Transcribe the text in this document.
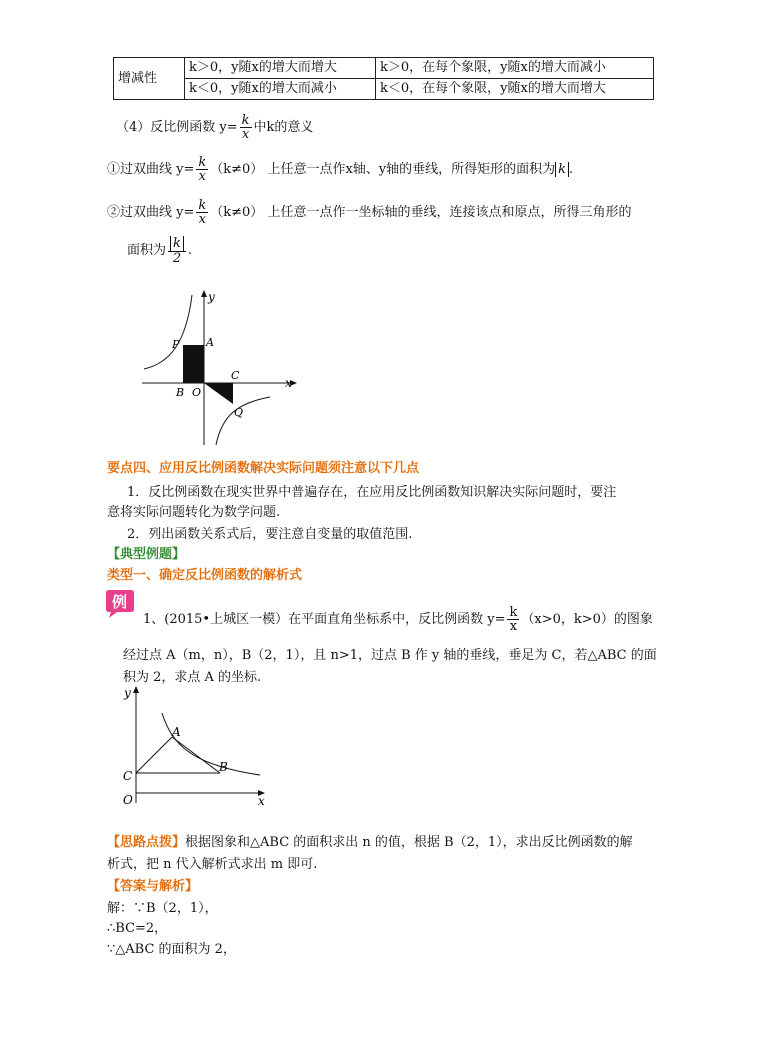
增减性	k＞0，y随x的增大而增大	k＞0，在每个象限，y随x的增大而减小
	k＜0，y随x的增大而减小	k＜0，在每个象限，y随x的增大而增大
（4）反比例函数 $y= \frac{k}{x}$ 中k的意义
①过双曲线 $y= \frac{k}{x} (k\ne 0)$ 上任意一点作x轴、y轴的垂线，所得矩形的面积为 k .
②过双曲线 $y= \frac{k}{x} (k\ne 0)$ 上任意一点作一坐标轴的垂线，连接该点和原点，所得三角形的
面积为 $\frac{k}{2}$ .
y
x
P A
B O
C
Q
要点四、应用反比例函数解决实际问题须注意以下几点
1．反比例函数在现实世界中普遍存在，在应用反比例函数知识解决实际问题时，要注
意将实际问题转化为数学问题.
2．列出函数关系式后，要注意自变量的取值范围.
【典型例题】
类型一、确定反比例函数的解析式
例
1、(2015•上城区一模）在平面直角坐标系中，反比例函数 $y= \frac{k}{x} (x>0$，k>0）的图象
经过点 A（m，n），B（2，1），且 n>1，过点 B 作 y 轴的垂线，垂足为 C，若△ABC 的面
积为 2，求点 A 的坐标.
y
x
A
B
C
O
【思路点拨】根据图象和△ABC 的面积求出 n 的值，根据 B（2，1），求出反比例函数的解
析式，把 n 代入解析式求出 m 即可.
【答案与解析】
解：∵B（2，1），
∴BC=2，
∵△ABC 的面积为 2，
